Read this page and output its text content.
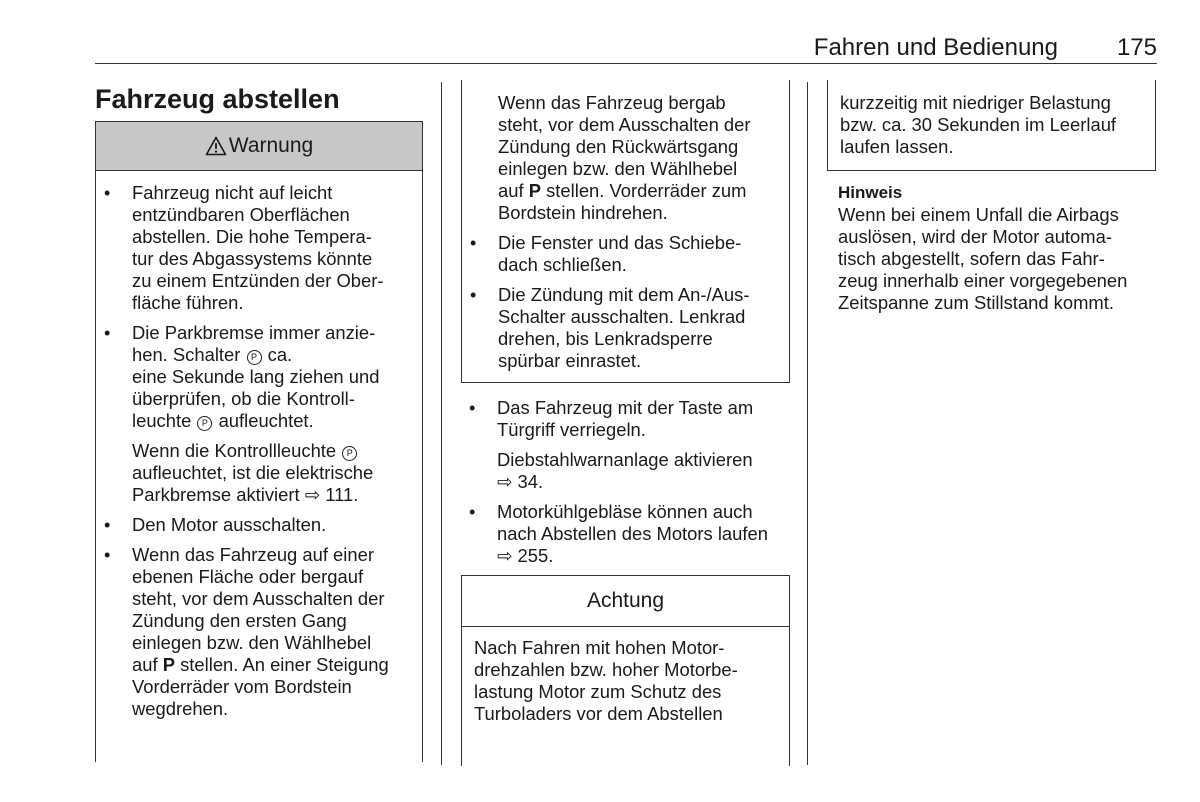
Fahren und Bedienung 175
Fahrzeug abstellen
Warnung
• Fahrzeug nicht auf leicht
entzündbaren Oberflächen
abstellen. Die hohe Tempera-
tur des Abgassystems könnte
zu einem Entzünden der Ober-
fläche führen.
• Die Parkbremse immer anzie-
hen. Schalter P ca.
eine Sekunde lang ziehen und
überprüfen, ob die Kontroll-
leuchte P aufleuchtet.
Wenn die Kontrollleuchte P
aufleuchtet, ist die elektrische
Parkbremse aktiviert ⇨ 111.
• Den Motor ausschalten.
• Wenn das Fahrzeug auf einer
ebenen Fläche oder bergauf
steht, vor dem Ausschalten der
Zündung den ersten Gang
einlegen bzw. den Wählhebel
auf P stellen. An einer Steigung
Vorderräder vom Bordstein
wegdrehen.
Wenn das Fahrzeug bergab
steht, vor dem Ausschalten der
Zündung den Rückwärtsgang
einlegen bzw. den Wählhebel
auf P stellen. Vorderräder zum
Bordstein hindrehen.
• Die Fenster und das Schiebe-
dach schließen.
• Die Zündung mit dem An-/Aus-
Schalter ausschalten. Lenkrad
drehen, bis Lenkradsperre
spürbar einrastet.
• Das Fahrzeug mit der Taste am
Türgriff verriegeln.
Diebstahlwarnanlage aktivieren
⇨ 34.
• Motorkühlgebläse können auch
nach Abstellen des Motors laufen
⇨ 255.
Achtung
Nach Fahren mit hohen Motor-
drehzahlen bzw. hoher Motorbe-
lastung Motor zum Schutz des
Turboladers vor dem Abstellen
kurzzeitig mit niedriger Belastung
bzw. ca. 30 Sekunden im Leerlauf
laufen lassen.
Hinweis
Wenn bei einem Unfall die Airbags
auslösen, wird der Motor automa-
tisch abgestellt, sofern das Fahr-
zeug innerhalb einer vorgegebenen
Zeitspanne zum Stillstand kommt.
